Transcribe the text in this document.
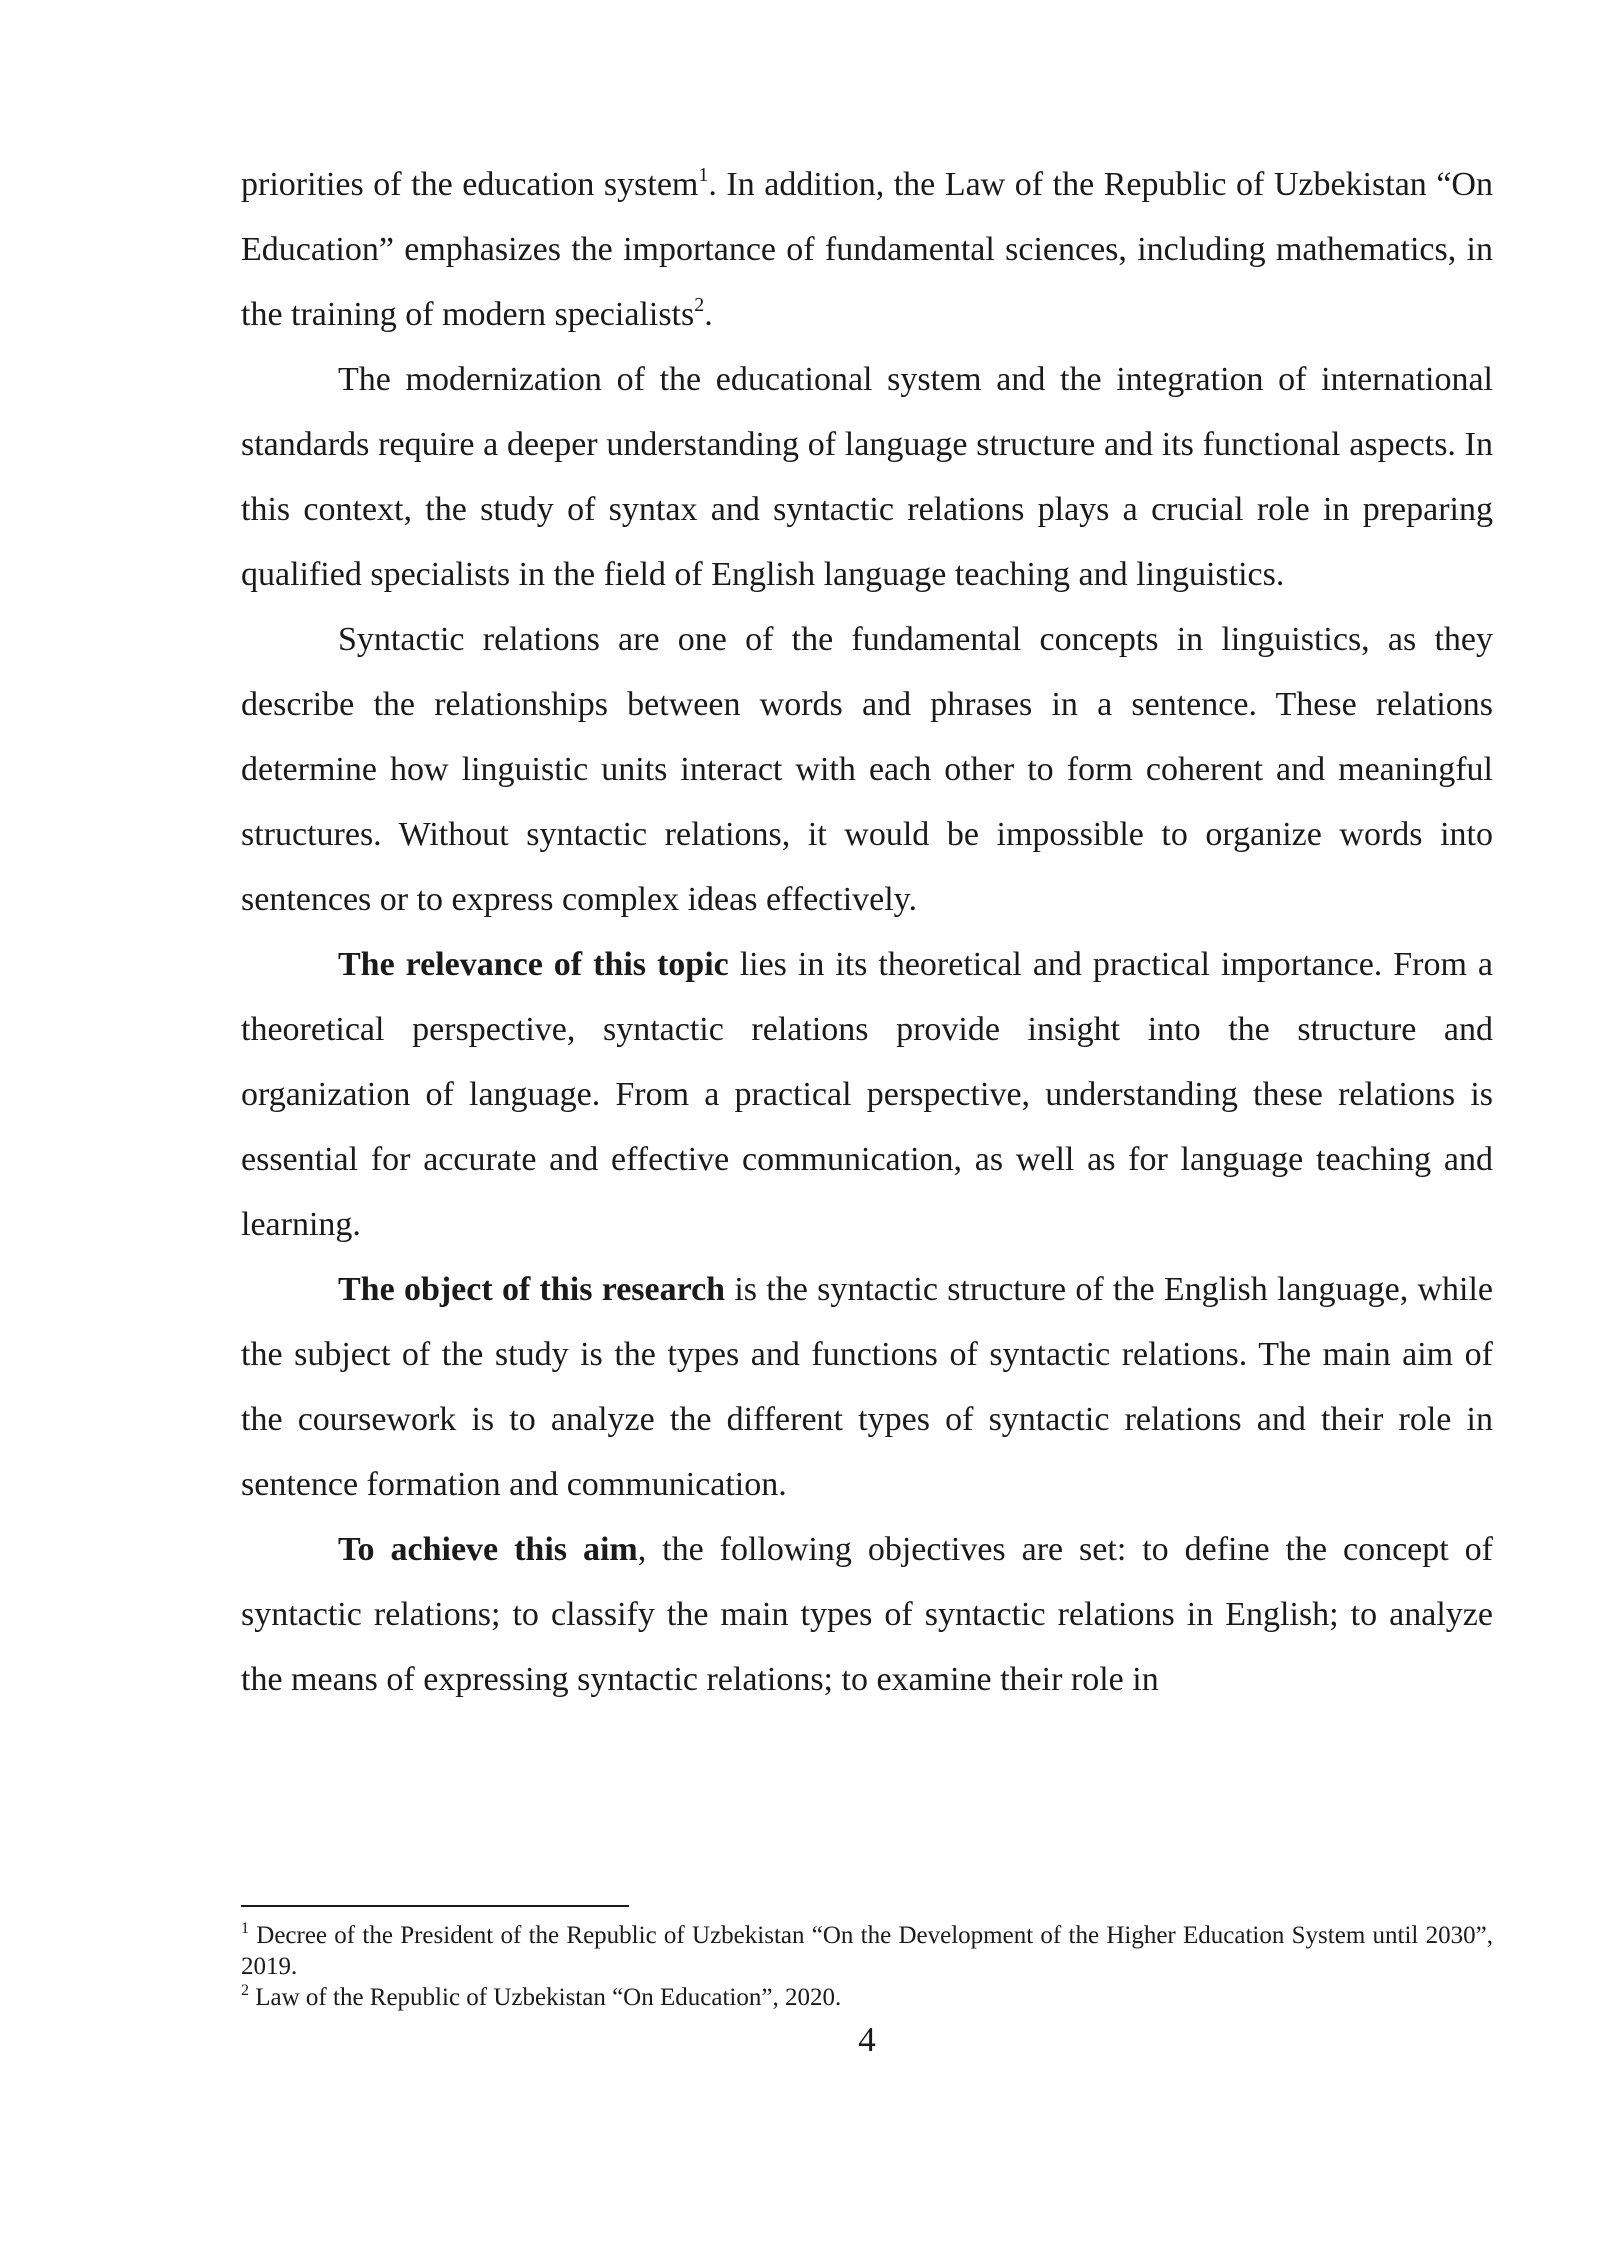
priorities of the education system$^1$. In addition, the Law of the Republic of Uzbekistan “On Education” emphasizes the importance of fundamental sciences, including mathematics, in the training of modern specialists$^2$.

The modernization of the educational system and the integration of international standards require a deeper understanding of language structure and its functional aspects. In this context, the study of syntax and syntactic relations plays a crucial role in preparing qualified specialists in the field of English language teaching and linguistics.

Syntactic relations are one of the fundamental concepts in linguistics, as they describe the relationships between words and phrases in a sentence. These relations determine how linguistic units interact with each other to form coherent and meaningful structures. Without syntactic relations, it would be impossible to organize words into sentences or to express complex ideas effectively.

The relevance of this topic lies in its theoretical and practical importance. From a theoretical perspective, syntactic relations provide insight into the structure and organization of language. From a practical perspective, understanding these relations is essential for accurate and effective communication, as well as for language teaching and learning.

The object of this research is the syntactic structure of the English language, while the subject of the study is the types and functions of syntactic relations. The main aim of the coursework is to analyze the different types of syntactic relations and their role in sentence formation and communication.

To achieve this aim, the following objectives are set: to define the concept of syntactic relations; to classify the main types of syntactic relations in English; to analyze the means of expressing syntactic relations; to examine their role in

$^1$ Decree of the President of the Republic of Uzbekistan “On the Development of the Higher Education System until 2030”, 2019.

$^2$ Law of the Republic of Uzbekistan “On Education”, 2020.

4
